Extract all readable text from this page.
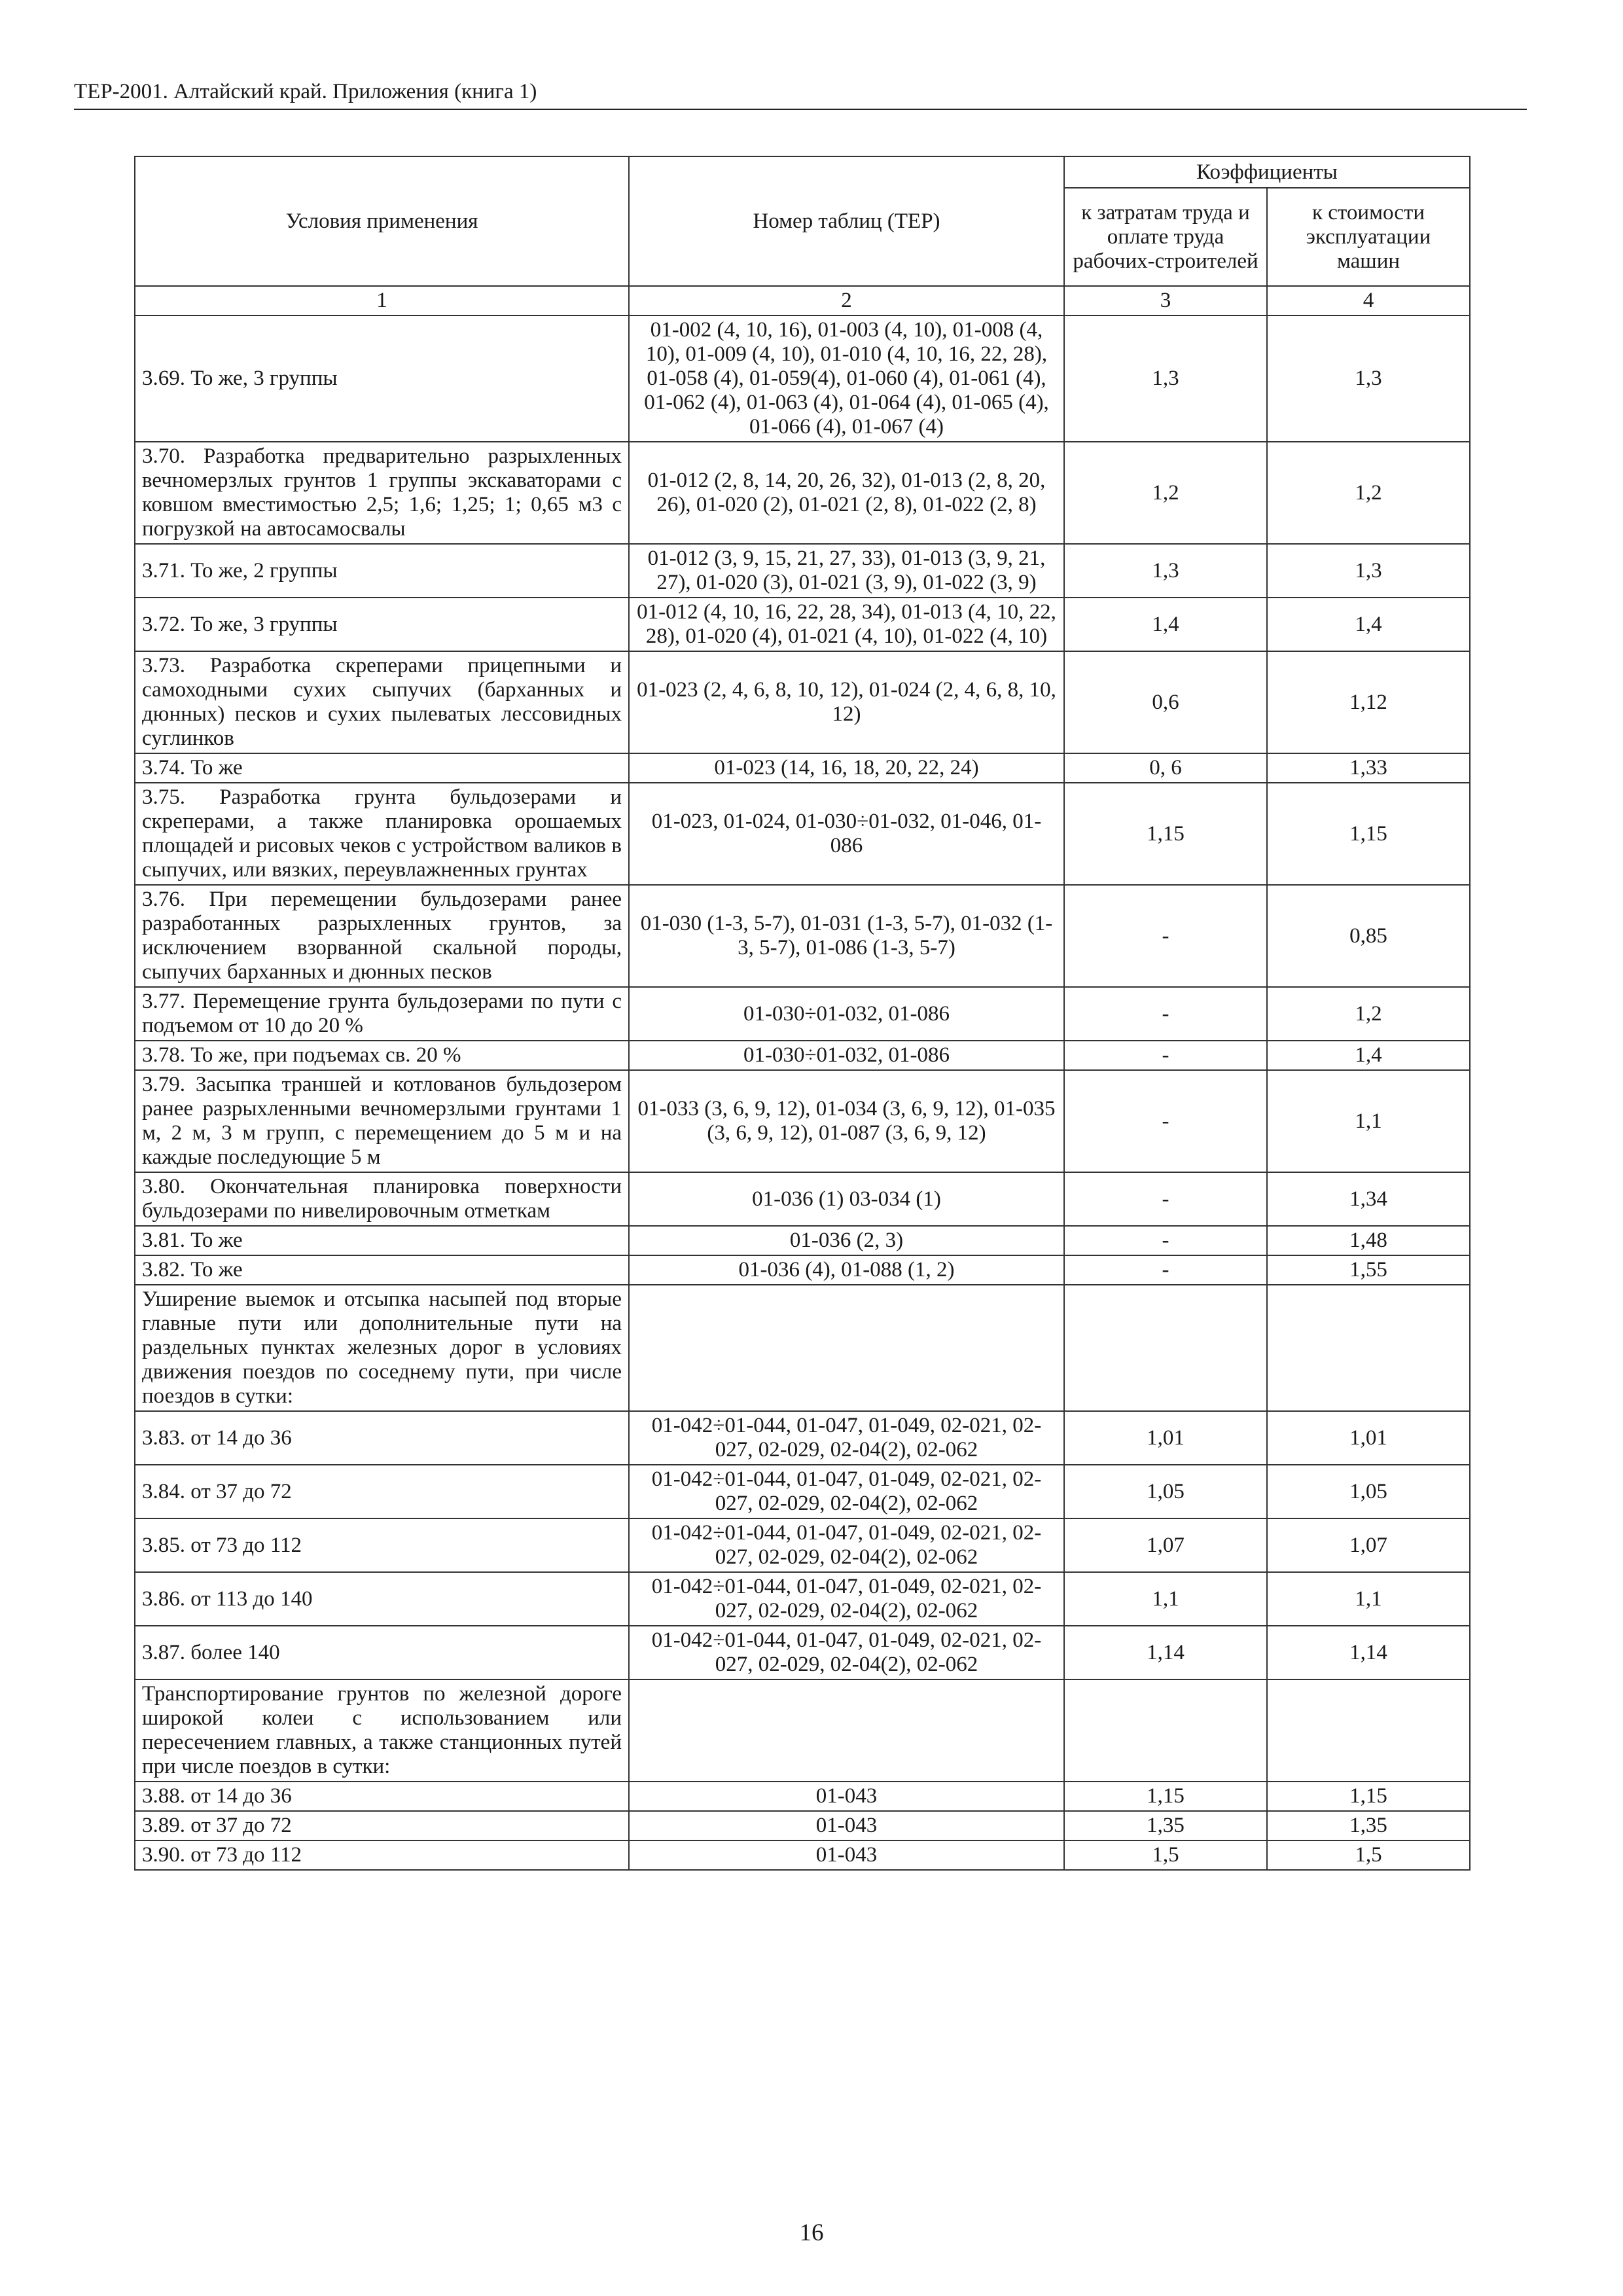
ТЕР-2001. Алтайский край. Приложения (книга 1)
Условия применения	Номер таблиц (ТЕР)	Коэффициенты	
		к затратам труда и оплате труда рабочих-строителей	к стоимости эксплуатации машин
1	2	3	4
3.69. То же, 3 группы	01-002 (4, 10, 16), 01-003 (4, 10), 01-008 (4, 10), 01-009 (4, 10), 01-010 (4, 10, 16, 22, 28), 01-058 (4), 01-059(4), 01-060 (4), 01-061 (4), 01-062 (4), 01-063 (4), 01-064 (4), 01-065 (4), 01-066 (4), 01-067 (4)	1,3	1,3
3.70. Разработка предварительно разрыхленных вечномерзлых грунтов 1 группы экскаваторами с ковшом вместимостью 2,5; 1,6; 1,25; 1; 0,65 м3 с погрузкой на автосамосвалы	01-012 (2, 8, 14, 20, 26, 32), 01-013 (2, 8, 20, 26), 01-020 (2), 01-021 (2, 8), 01-022 (2, 8)	1,2	1,2
3.71. То же, 2 группы	01-012 (3, 9, 15, 21, 27, 33), 01-013 (3, 9, 21, 27), 01-020 (3), 01-021 (3, 9), 01-022 (3, 9)	1,3	1,3
3.72. То же, 3 группы	01-012 (4, 10, 16, 22, 28, 34), 01-013 (4, 10, 22, 28), 01-020 (4), 01-021 (4, 10), 01-022 (4, 10)	1,4	1,4
3.73. Разработка скреперами прицепными и самоходными сухих сыпучих (барханных и дюнных) песков и сухих пылеватых лессовидных суглинков	01-023 (2, 4, 6, 8, 10, 12), 01-024 (2, 4, 6, 8, 10, 12)	0,6	1,12
3.74. То же	01-023 (14, 16, 18, 20, 22, 24)	0, 6	1,33
3.75. Разработка грунта бульдозерами и скреперами, а также планировка орошаемых площадей и рисовых чеков с устройством валиков в сыпучих, или вязких, переувлажненных грунтах	01-023, 01-024, 01-030÷01-032, 01-046, 01-086	1,15	1,15
3.76. При перемещении бульдозерами ранее разработанных разрыхленных грунтов, за исключением взорванной скальной породы, сыпучих барханных и дюнных песков	01-030 (1-3, 5-7), 01-031 (1-3, 5-7), 01-032 (1-3, 5-7), 01-086 (1-3, 5-7)	-	0,85
3.77. Перемещение грунта бульдозерами по пути с подъемом от 10 до 20 %	01-030÷01-032, 01-086	-	1,2
3.78. То же, при подъемах св. 20 %	01-030÷01-032, 01-086	-	1,4
3.79. Засыпка траншей и котлованов бульдозером ранее разрыхленными вечномерзлыми грунтами 1 м, 2 м, 3 м групп, с перемещением до 5 м и на каждые последующие 5 м	01-033 (3, 6, 9, 12), 01-034 (3, 6, 9, 12), 01-035 (3, 6, 9, 12), 01-087 (3, 6, 9, 12)	-	1,1
3.80. Окончательная планировка поверхности бульдозерами по нивелировочным отметкам	01-036 (1) 03-034 (1)	-	1,34
3.81. То же	01-036 (2, 3)	-	1,48
3.82. То же	01-036 (4), 01-088 (1, 2)	-	1,55
Уширение выемок и отсыпка насыпей под вторые главные пути или дополнительные пути на раздельных пунктах железных дорог в условиях движения поездов по соседнему пути, при числе поездов в сутки:			
3.83. от 14 до 36	01-042÷01-044, 01-047, 01-049, 02-021, 02-027, 02-029, 02-04(2), 02-062	1,01	1,01
3.84. от 37 до 72	01-042÷01-044, 01-047, 01-049, 02-021, 02-027, 02-029, 02-04(2), 02-062	1,05	1,05
3.85. от 73 до 112	01-042÷01-044, 01-047, 01-049, 02-021, 02-027, 02-029, 02-04(2), 02-062	1,07	1,07
3.86. от 113 до 140	01-042÷01-044, 01-047, 01-049, 02-021, 02-027, 02-029, 02-04(2), 02-062	1,1	1,1
3.87. более 140	01-042÷01-044, 01-047, 01-049, 02-021, 02-027, 02-029, 02-04(2), 02-062	1,14	1,14
Транспортирование грунтов по железной дороге широкой колеи с использованием или пересечением главных, а также станционных путей при числе поездов в сутки:			
3.88. от 14 до 36	01-043	1,15	1,15
3.89. от 37 до 72	01-043	1,35	1,35
3.90. от 73 до 112	01-043	1,5	1,5
16
